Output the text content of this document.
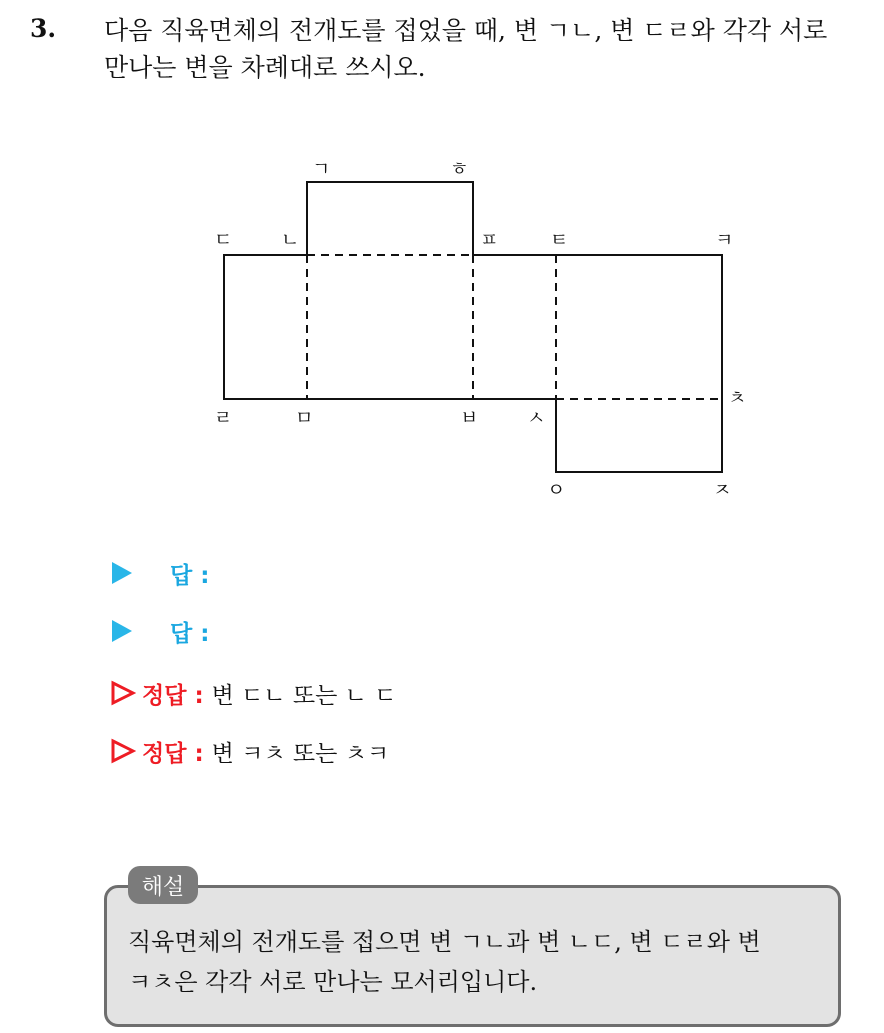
3. 다음 직육면체의 전개도를 접었을 때, 변 ㄱㄴ, 변 ㄷㄹ와 각각 서로
만나는 변을 차례대로 쓰시오.
ㄱ	ㅎ
ㄷ	ㄴ	ㅍ	ㅌ	ㅋ
ㅊ
ㄹ	ㅁ	ㅂ	ㅅ
ㅇ	ㅈ
답 :
답 :
정답 : 변 ㄷㄴ 또는 ㄴ ㄷ
정답 : 변 ㅋㅊ 또는 ㅊㅋ
해설
직육면체의 전개도를 접으면 변 ㄱㄴ과 변 ㄴㄷ, 변 ㄷㄹ와 변
ㅋㅊ은 각각 서로 만나는 모서리입니다.
